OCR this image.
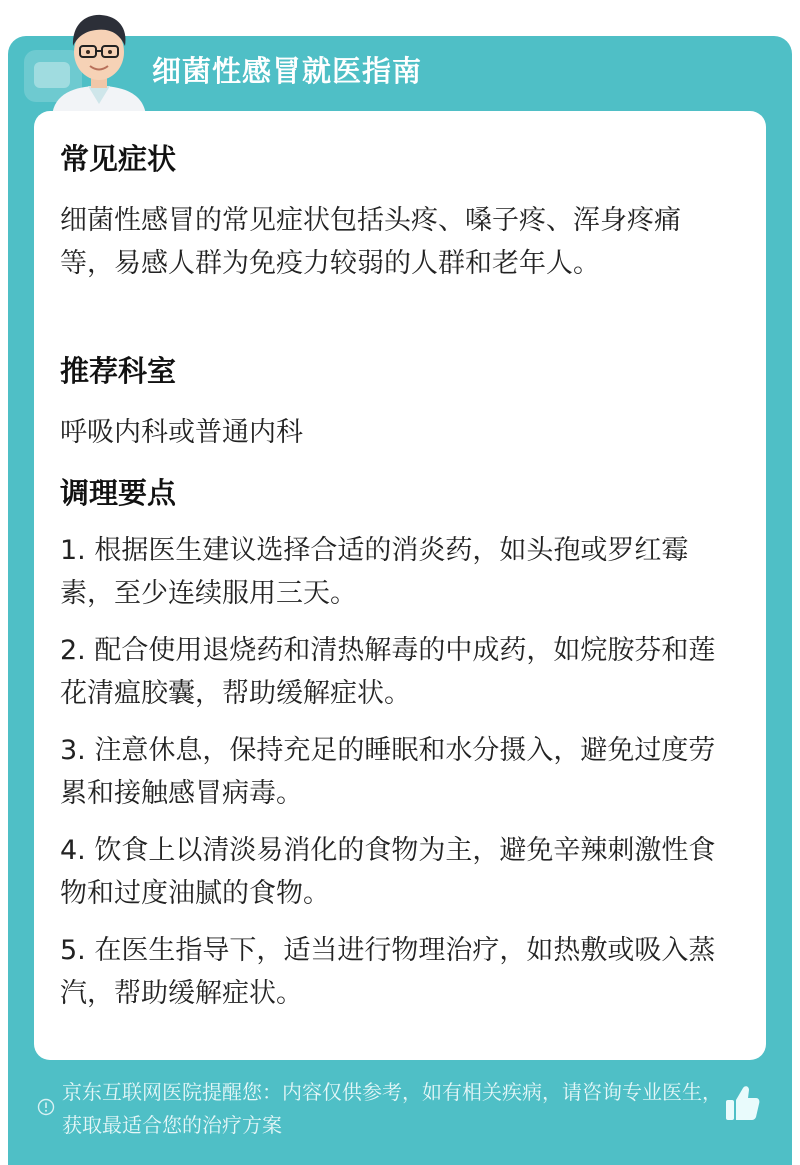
细菌性感冒就医指南
常见症状

细菌性感冒的常见症状包括头疼、嗓子疼、浑身疼痛等，易感人群为免疫力较弱的人群和老年人。

推荐科室

呼吸内科或普通内科

调理要点
1. 根据医生建议选择合适的消炎药，如头孢或罗红霉素，至少连续服用三天。
2. 配合使用退烧药和清热解毒的中成药，如烷胺芬和莲花清瘟胶囊，帮助缓解症状。
3. 注意休息，保持充足的睡眠和水分摄入，避免过度劳累和接触感冒病毒。
4. 饮食上以清淡易消化的食物为主，避免辛辣刺激性食物和过度油腻的食物。
5. 在医生指导下，适当进行物理治疗，如热敷或吸入蒸汽，帮助缓解症状。
京东互联网医院提醒您：内容仅供参考，如有相关疾病，请咨询专业医生，获取最适合您的治疗方案
